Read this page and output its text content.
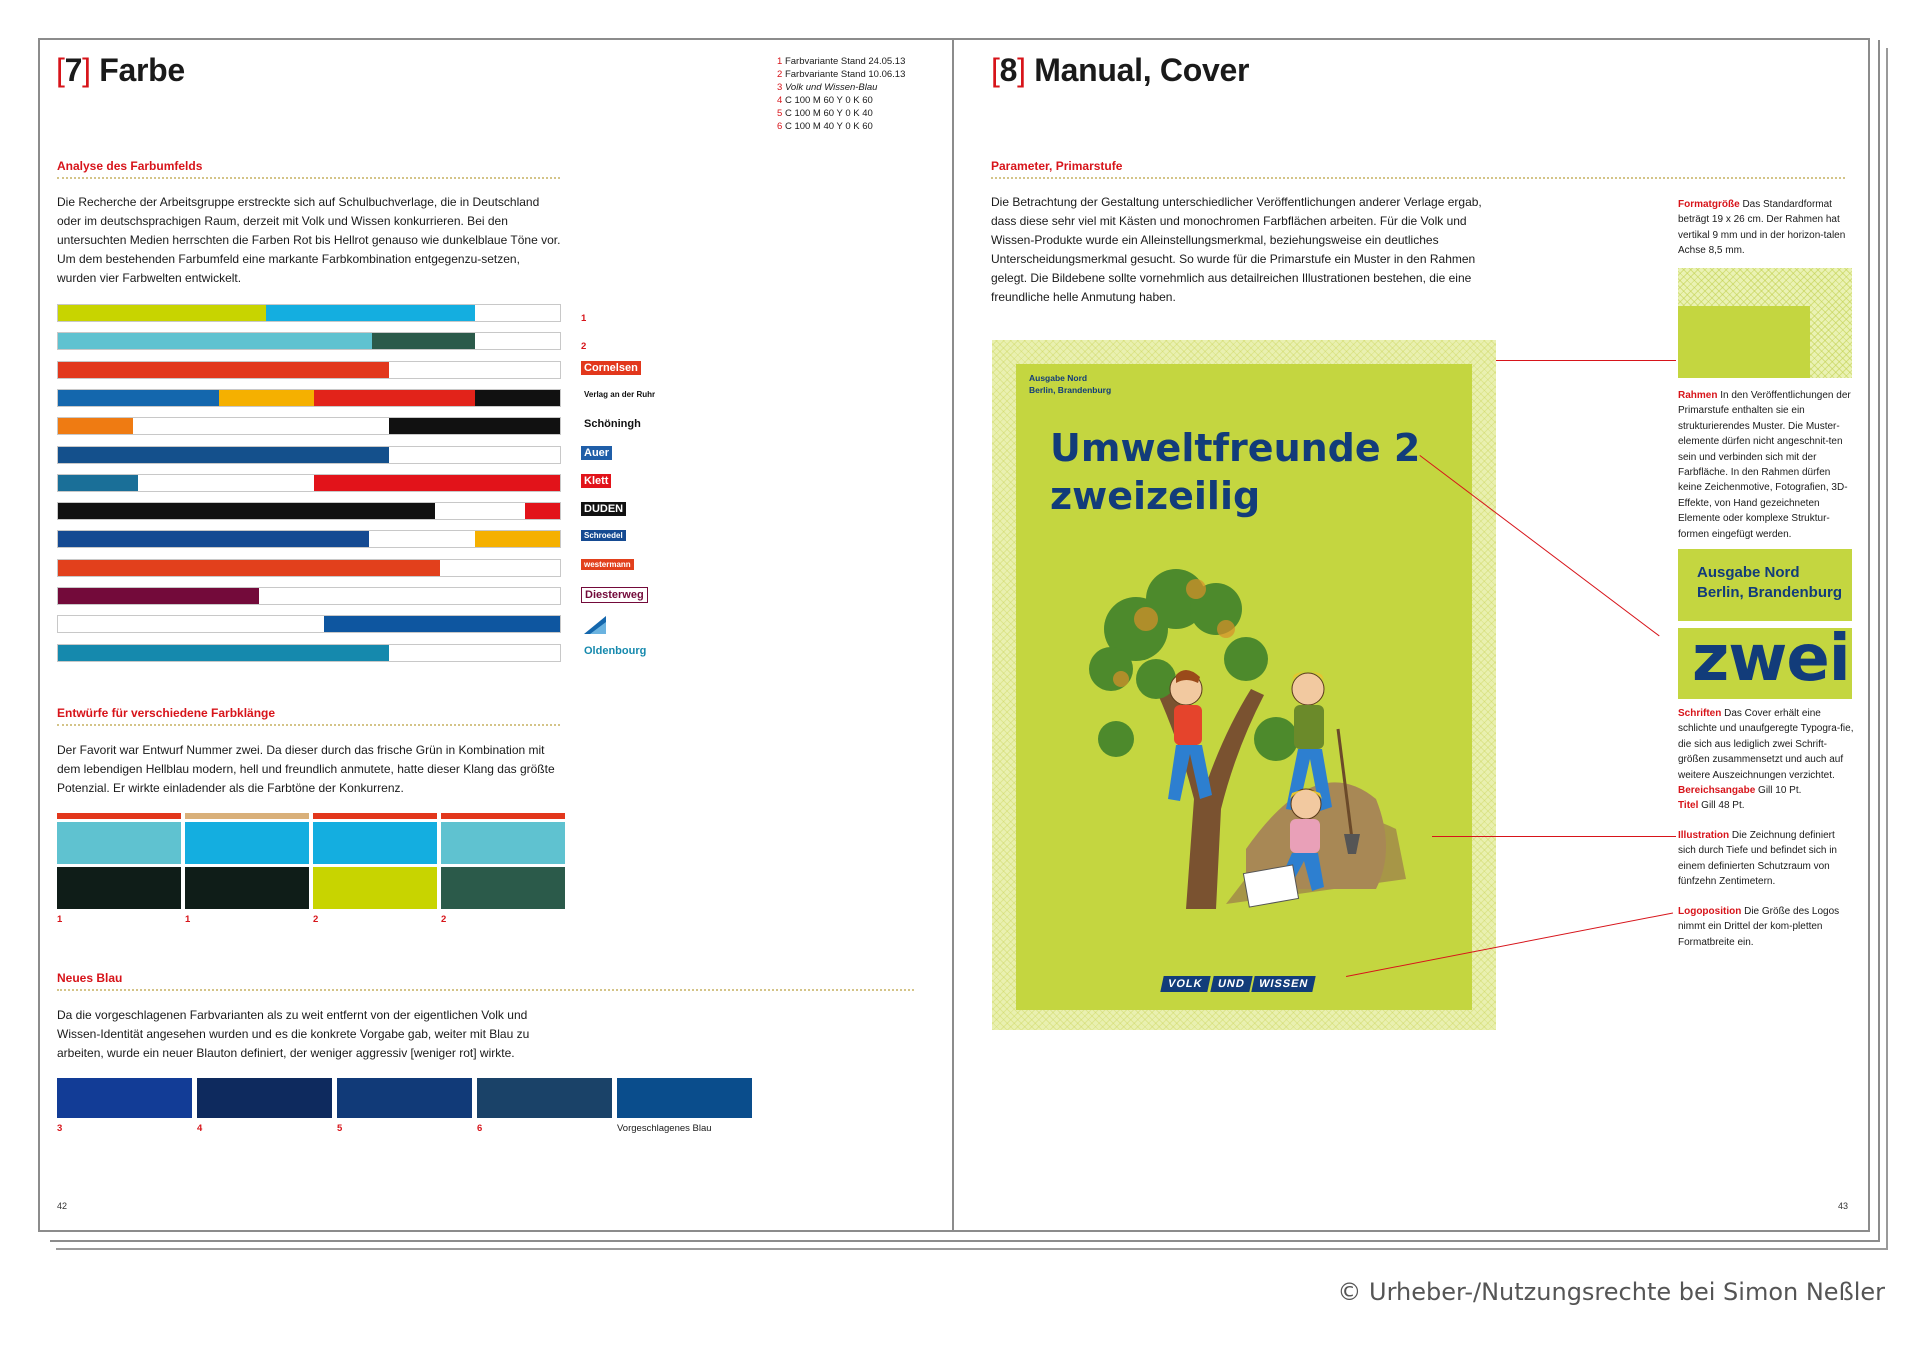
[7] Farbe	1 Farbvariante Stand 24.05.13
2 Farbvariante Stand 10.06.13
3 Volk und Wissen-Blau
4 C 100 M 60 Y 0 K 60
5 C 100 M 60 Y 0 K 40
6 C 100 M 40 Y 0 K 60
Analyse des Farbumfelds
Die Recherche der Arbeitsgruppe erstreckte sich auf Schulbuchverlage, die in Deutschland oder im deutschsprachigen Raum, derzeit mit Volk und Wissen konkurrieren. Bei den untersuchten Medien herrschten die Farben Rot bis Hellrot genauso wie dunkelblaue Töne vor. Um dem bestehenden Farbumfeld eine markante Farbkombination entgegenzu-setzen, wurden vier Farbwelten entwickelt.
1
2
Cornelsen
Verlag an der Ruhr
Schöningh
Auer
Klett
DUDEN
Schroedel
westermann
Diesterweg
Oldenbourg
Entwürfe für verschiedene Farbklänge
Der Favorit war Entwurf Nummer zwei. Da dieser durch das frische Grün in Kombination mit dem lebendigen Hellblau modern, hell und freundlich anmutete, hatte dieser Klang das größte Potenzial. Er wirkte einladender als die Farbtöne der Konkurrenz.
1	1	2	2
Neues Blau
Da die vorgeschlagenen Farbvarianten als zu weit entfernt von der eigentlichen Volk und Wissen-Identität angesehen wurden und es die konkrete Vorgabe gab, weiter mit Blau zu arbeiten, wurde ein neuer Blauton definiert, der weniger aggressiv [weniger rot] wirkte.
3	4	5	6	Vorgeschlagenes Blau
42
[8] Manual, Cover
Parameter, Primarstufe
Die Betrachtung der Gestaltung unterschiedlicher Veröffentlichungen anderer Verlage ergab, dass diese sehr viel mit Kästen und monochromen Farbflächen arbeiten. Für die Volk und Wissen-Produkte wurde ein Alleinstellungsmerkmal, beziehungsweise ein deutliches Unterscheidungsmerkmal gesucht. So wurde für die Primarstufe ein Muster in den Rahmen gelegt. Die Bildebene sollte vornehmlich aus detailreichen Illustrationen bestehen, die eine freundliche helle Anmutung haben.
Ausgabe Nord
Berlin, Brandenburg
Umweltfreunde 2
zweizeilig
VOLK UND WISSEN
Formatgröße Das Standardformat beträgt 19 x 26 cm. Der Rahmen hat vertikal 9 mm und in der horizon-talen Achse 8,5 mm.
Rahmen In den Veröffentlichungen der Primarstufe enthalten sie ein strukturierendes Muster. Die Muster-elemente dürfen nicht angeschnit-ten sein und verbinden sich mit der Farbfläche. In den Rahmen dürfen keine Zeichenmotive, Fotografien, 3D-Effekte, von Hand gezeichneten Elemente oder komplexe Struktur-formen eingefügt werden.
Ausgabe Nord
Berlin, Brandenburg
zwei
Schriften Das Cover erhält eine schlichte und unaufgeregte Typogra-fie, die sich aus lediglich zwei Schrift-größen zusammensetzt und auch auf weitere Auszeichnungen verzichtet.
Bereichsangabe Gill 10 Pt.
Titel Gill 48 Pt.
Illustration Die Zeichnung definiert sich durch Tiefe und befindet sich in einem definierten Schutzraum von fünfzehn Zentimetern.
Logoposition Die Größe des Logos nimmt ein Drittel der kom-pletten Formatbreite ein.
43
© Urheber-/Nutzungsrechte bei Simon Neßler
